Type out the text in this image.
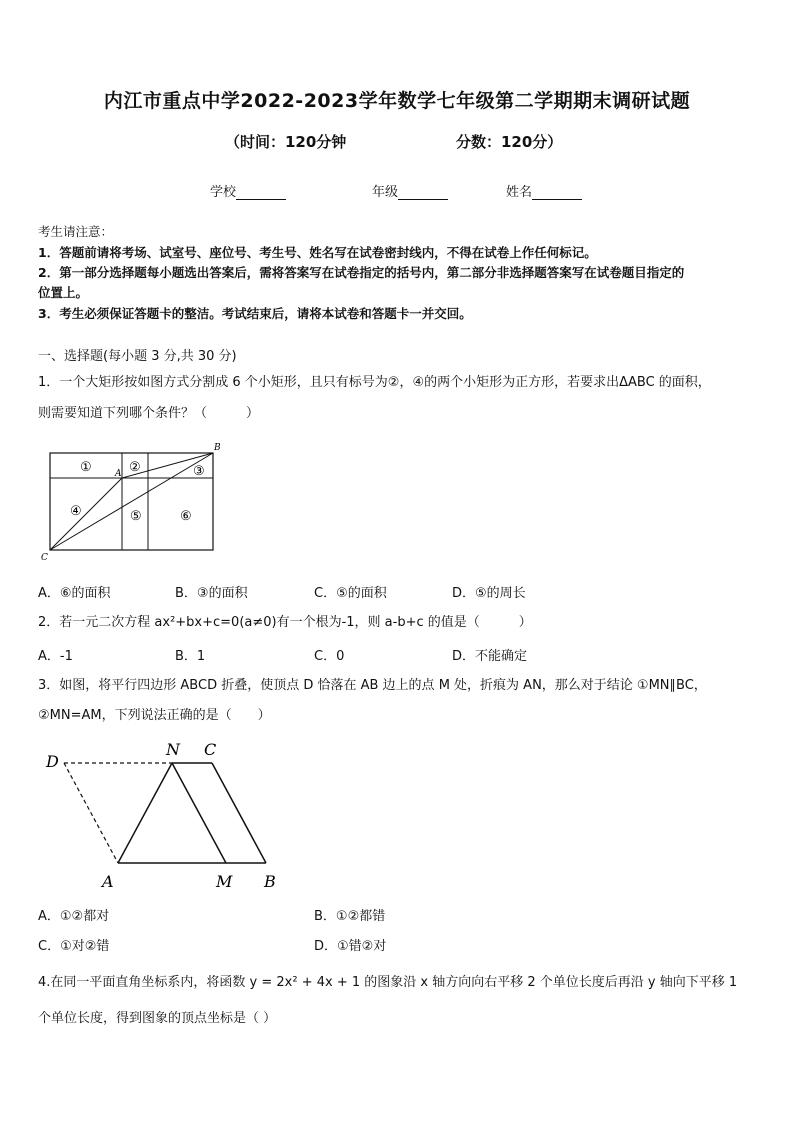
内江市重点中学2022-2023学年数学七年级第二学期期末调研试题
（时间：120分钟	分数：120分）
学校	年级	姓名
考生请注意：
1．答题前请将考场、试室号、座位号、考生号、姓名写在试卷密封线内，不得在试卷上作任何标记。
2．第一部分选择题每小题选出答案后，需将答案写在试卷指定的括号内，第二部分非选择题答案写在试卷题目指定的
位置上。
3．考生必须保证答题卡的整洁。考试结束后，请将本试卷和答题卡一并交回。
一、选择题(每小题 3 分,共 30 分)
1．一个大矩形按如图方式分割成 6 个小矩形，且只有标号为②，④的两个小矩形为正方形，若要求出ΔABC 的面积，
则需要知道下列哪个条件？（　　　）
①	②	③
④	⑤	⑥
A
B
C
A．⑥的面积	B．③的面积	C．⑤的面积	D．⑤的周长
2．若一元二次方程 ax²+bx+c=0(a≠0)有一个根为-1，则 a-b+c 的值是（　　　）
A．-1	B．1	C．0	D．不能确定
3．如图，将平行四边形 ABCD 折叠，使顶点 D 恰落在 AB 边上的点 M 处，折痕为 AN，那么对于结论 ①MN∥BC，
②MN=AM，下列说法正确的是（　　）
D
N C
A	M B
A．①②都对	B．①②都错
C．①对②错	D．①错②对
4.在同一平面直角坐标系内，将函数 y = 2x² + 4x + 1 的图象沿 x 轴方向向右平移 2 个单位长度后再沿 y 轴向下平移 1
个单位长度，得到图象的顶点坐标是（ ）
